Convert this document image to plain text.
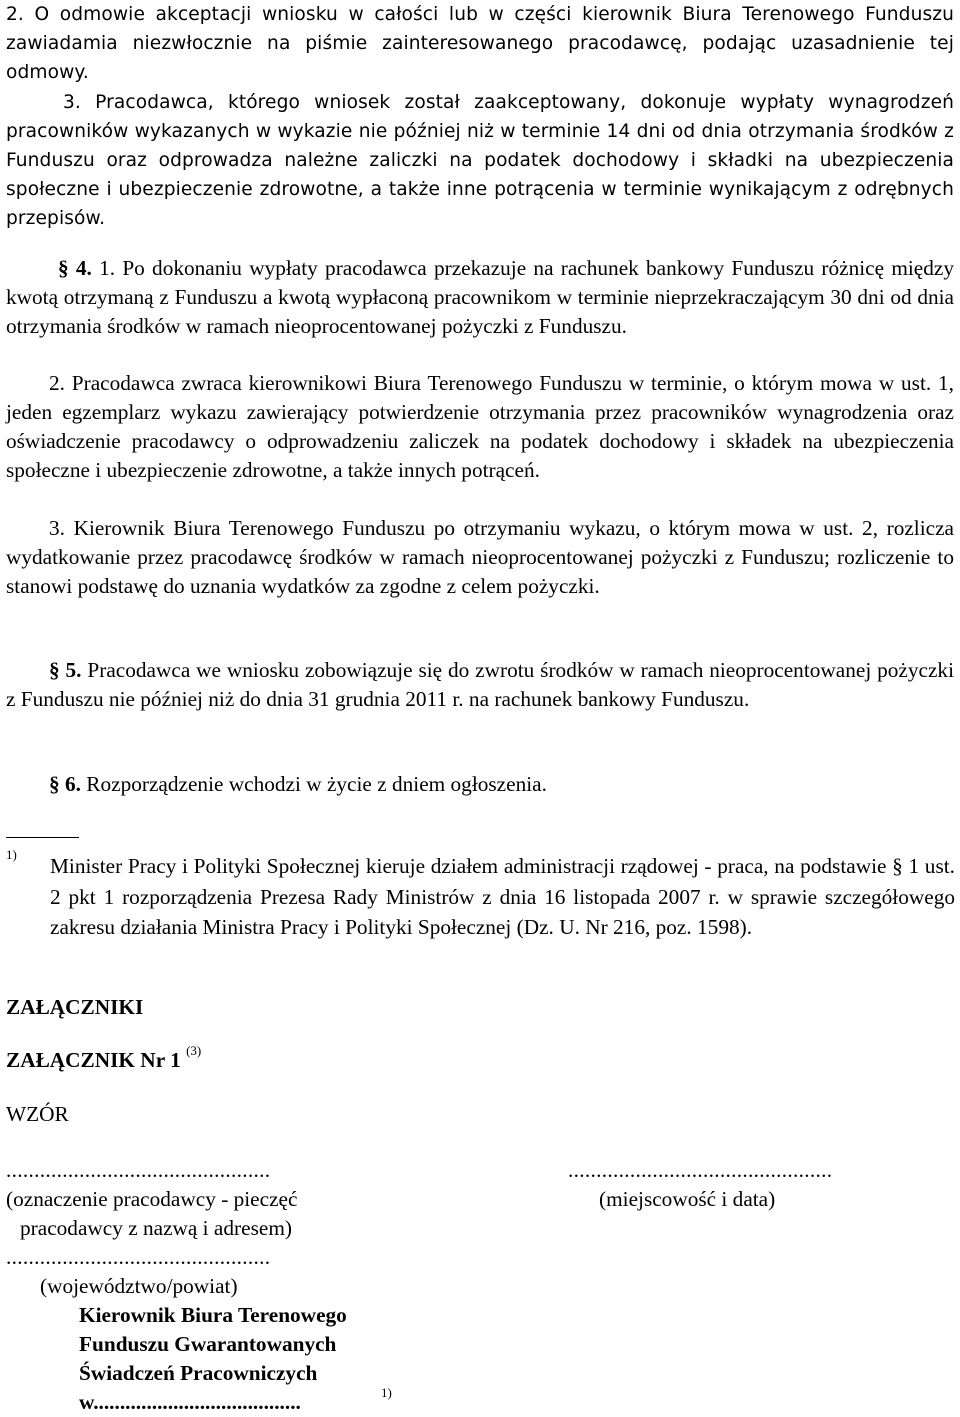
2. O odmowie akceptacji wniosku w całości lub w części kierownik Biura Terenowego Funduszu zawiadamia niezwłocznie na piśmie zainteresowanego pracodawcę, podając uzasadnienie tej odmowy.

3. Pracodawca, którego wniosek został zaakceptowany, dokonuje wypłaty wynagrodzeń pracowników wykazanych w wykazie nie później niż w terminie 14 dni od dnia otrzymania środków z Funduszu oraz odprowadza należne zaliczki na podatek dochodowy i składki na ubezpieczenia społeczne i ubezpieczenie zdrowotne, a także inne potrącenia w terminie wynikającym z odrębnych przepisów.

§ 4. 1. Po dokonaniu wypłaty pracodawca przekazuje na rachunek bankowy Funduszu różnicę między kwotą otrzymaną z Funduszu a kwotą wypłaconą pracownikom w terminie nieprzekraczającym 30 dni od dnia otrzymania środków w ramach nieoprocentowanej pożyczki z Funduszu.

2. Pracodawca zwraca kierownikowi Biura Terenowego Funduszu w terminie, o którym mowa w ust. 1, jeden egzemplarz wykazu zawierający potwierdzenie otrzymania przez pracowników wynagrodzenia oraz oświadczenie pracodawcy o odprowadzeniu zaliczek na podatek dochodowy i składek na ubezpieczenia społeczne i ubezpieczenie zdrowotne, a także innych potrąceń.

3. Kierownik Biura Terenowego Funduszu po otrzymaniu wykazu, o którym mowa w ust. 2, rozlicza wydatkowanie przez pracodawcę środków w ramach nieoprocentowanej pożyczki z Funduszu; rozliczenie to stanowi podstawę do uznania wydatków za zgodne z celem pożyczki.

§ 5. Pracodawca we wniosku zobowiązuje się do zwrotu środków w ramach nieoprocentowanej pożyczki z Funduszu nie później niż do dnia 31 grudnia 2011 r. na rachunek bankowy Funduszu.

§ 6. Rozporządzenie wchodzi w życie z dniem ogłoszenia.

1) Minister Pracy i Polityki Społecznej kieruje działem administracji rządowej - praca, na podstawie § 1 ust. 2 pkt 1 rozporządzenia Prezesa Rady Ministrów z dnia 16 listopada 2007 r. w sprawie szczegółowego zakresu działania Ministra Pracy i Polityki Społecznej (Dz. U. Nr 216, poz. 1598).

ZAŁĄCZNIKI

ZAŁĄCZNIK Nr 1 $^{(3)}$

WZÓR

...............................................	...............................................

(oznaczenie pracodawcy - pieczęć	(miejscowość i data)

pracodawcy z nazwą i adresem)

...............................................

(województwo/powiat)

Kierownik Biura Terenowego

Funduszu Gwarantowanych

Świadczeń Pracowniczych

w.......................................	1)
